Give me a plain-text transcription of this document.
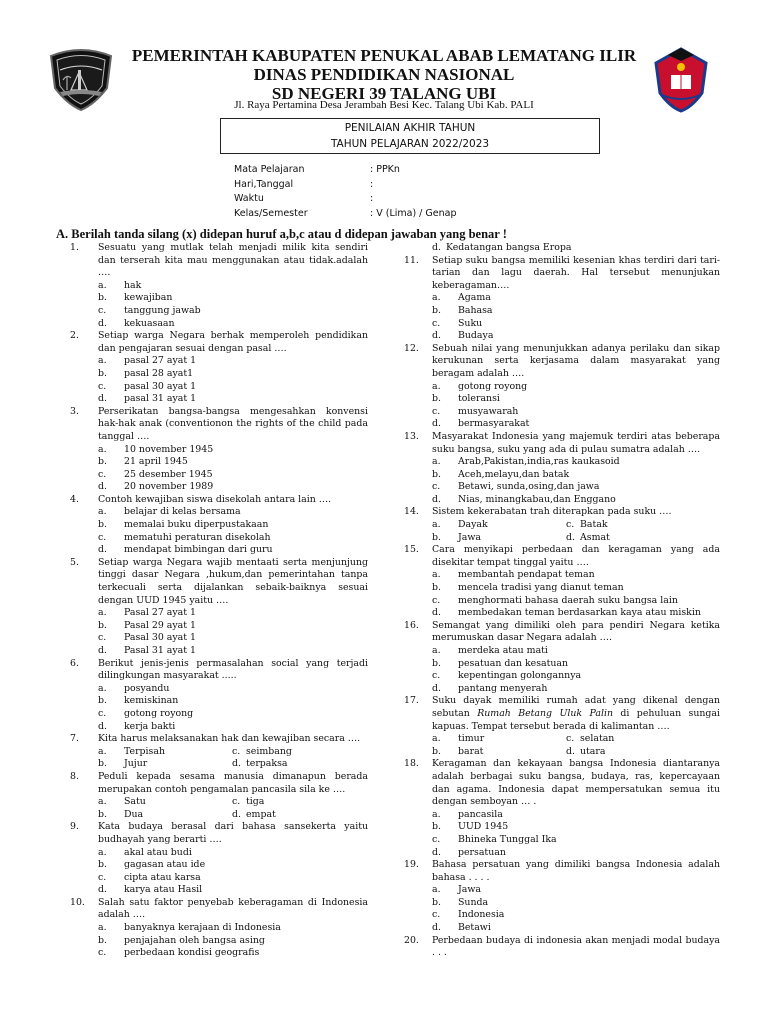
PEMERINTAH KABUPATEN PENUKAL ABAB LEMATANG ILIR
DINAS PENDIDIKAN NASIONAL
SD NEGERI 39 TALANG UBI
Jl. Raya Pertamina Desa Jerambah Besi Kec. Talang Ubi Kab. PALI
PENILAIAN AKHIR TAHUN
TAHUN PELAJARAN 2022/2023
Mata Pelajaran	: PPKn
Hari,Tanggal	:
Waktu	:
Kelas/Semester	: V (Lima) / Genap
A. Berilah tanda silang (x) didepan huruf a,b,c atau d didepan jawaban yang benar !
1.	Sesuatu yang mutlak telah menjadi milik kita sendiri dan terserah kita mau menggunakan atau tidak.adalah ….
a.	hak
b.	kewajiban
c.	tanggung jawab
d.	kekuasaan
2.	Setiap warga Negara berhak memperoleh pendidikan dan pengajaran sesuai dengan pasal ….
a.	pasal 27 ayat 1
b.	pasal 28 ayat1
c.	pasal 30 ayat 1
d.	pasal 31 ayat 1
3.	Perserikatan bangsa-bangsa mengesahkan konvensi hak-hak anak (conventionon the rights of the child pada tanggal ….
a.	10 november 1945
b.	21 april 1945
c.	25 desember 1945
d.	20 november 1989
4.	Contoh kewajiban siswa disekolah antara lain ….
a.	belajar di kelas bersama
b.	memalai buku diperpustakaan
c.	mematuhi peraturan disekolah
d.	mendapat bimbingan dari guru
5.	Setiap warga Negara wajib mentaati serta menjunjung tinggi dasar Negara ,hukum,dan pemerintahan tanpa terkecuali serta dijalankan sebaik-baiknya sesuai dengan UUD 1945 yaitu ….
a.	Pasal 27 ayat 1
b.	Pasal 29 ayat 1
c.	Pasal 30 ayat 1
d.	Pasal 31 ayat 1
6.	Berikut jenis-jenis permasalahan social yang terjadi dilingkungan masyarakat .....
a.	posyandu
b.	kemiskinan
c.	gotong royong
d.	kerja bakti
7.	Kita harus melaksanakan hak dan kewajiban secara ….
a.	Terpisah	c. seimbang
b.	Jujur	d. terpaksa
8.	Peduli kepada sesama manusia dimanapun berada merupakan contoh pengamalan pancasila sila ke ….
a.	Satu	c. tiga
b.	Dua	d. empat
9.	Kata budaya berasal dari bahasa sansekerta yaitu budhayah yang berarti ….
a.	akal atau budi
b.	gagasan atau ide
c.	cipta atau karsa
d.	karya atau Hasil
10.	Salah satu faktor penyebab keberagaman di Indonesia adalah ….
a.	banyaknya kerajaan di Indonesia
b.	penjajahan oleh bangsa asing
c.	perbedaan kondisi geografis
d. Kedatangan bangsa Eropa
11.	Setiap suku bangsa memiliki kesenian khas terdiri dari tari-tarian dan lagu daerah. Hal tersebut menunjukan keberagaman….
a.	Agama
b.	Bahasa
c.	Suku
d.	Budaya
12.	Sebuah nilai yang menunjukkan adanya perilaku dan sikap kerukunan serta kerjasama dalam masyarakat yang beragam adalah ….
a.	gotong royong
b.	toleransi
c.	musyawarah
d.	bermasyarakat
13.	Masyarakat Indonesia yang majemuk terdiri atas beberapa suku bangsa, suku yang ada di pulau sumatra adalah ….
a.	Arab,Pakistan,india,ras kaukasoid
b.	Aceh,melayu,dan batak
c.	Betawi, sunda,osing,dan jawa
d.	Nias, minangkabau,dan Enggano
14.	Sistem kekerabatan trah diterapkan pada suku ….
a.	Dayak	c. Batak
b.	Jawa	d. Asmat
15.	Cara menyikapi perbedaan dan keragaman yang ada disekitar tempat tinggal yaitu ….
a.	membantah pendapat teman
b.	mencela tradisi yang dianut teman
c.	menghormati bahasa daerah suku bangsa lain
d.	membedakan teman berdasarkan kaya atau miskin
16.	Semangat yang dimiliki oleh para pendiri Negara ketika merumuskan dasar Negara adalah ….
a.	merdeka atau mati
b.	pesatuan dan kesatuan
c.	kepentingan golongannya
d.	pantang menyerah
17.	Suku dayak memiliki rumah adat yang dikenal dengan sebutan Rumah Betang Uluk Palin di pehuluan sungai kapuas. Tempat tersebut berada di kalimantan ….
a.	timur	c. selatan
b.	barat	d. utara
18.	Keragaman dan kekayaan bangsa Indonesia diantaranya adalah berbagai suku bangsa, budaya, ras, kepercayaan dan agama. Indonesia dapat mempersatukan semua itu dengan semboyan … .
a.	pancasila
b.	UUD 1945
c.	Bhineka Tunggal Ika
d.	persatuan
19.	Bahasa persatuan yang dimiliki bangsa Indonesia adalah bahasa . . . .
a.	Jawa
b.	Sunda
c.	Indonesia
d.	Betawi
20.	Perbedaan budaya di indonesia akan menjadi modal budaya . . .
